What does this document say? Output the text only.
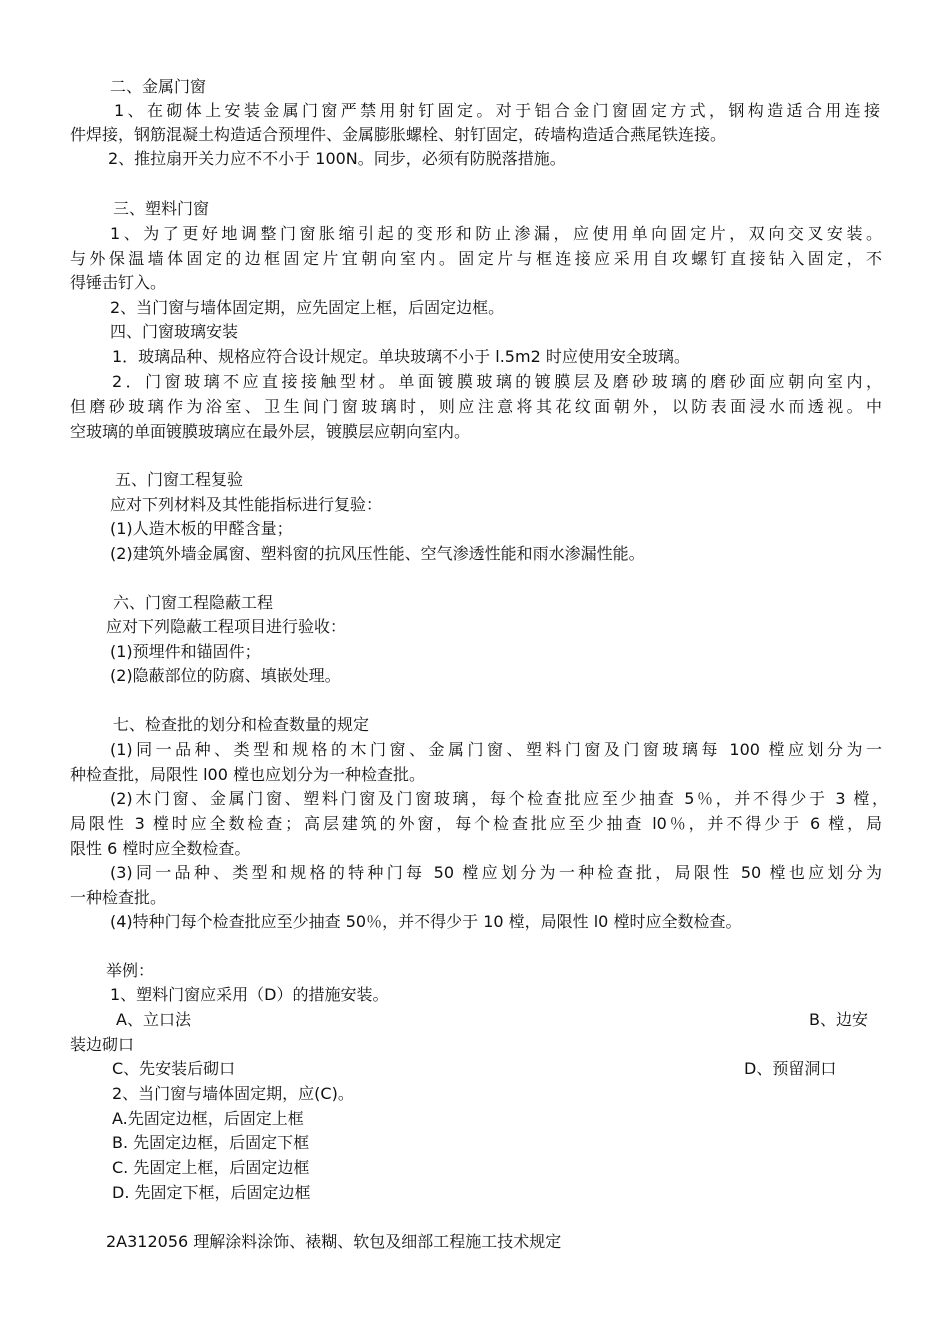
二、金属门窗
1、在砌体上安装金属门窗严禁用射钉固定。对于铝合金门窗固定方式，钢构造适合用连接
件焊接，钢筋混凝土构造适合预埋件、金属膨胀螺栓、射钉固定，砖墙构造适合燕尾铁连接。
2、推拉扇开关力应不不小于 100N。同步，必须有防脱落措施。
三、塑料门窗
1、为了更好地调整门窗胀缩引起的变形和防止渗漏，应使用单向固定片，双向交叉安装。
与外保温墙体固定的边框固定片宜朝向室内。固定片与框连接应采用自攻螺钉直接钻入固定，不
得锤击钉入。
2、当门窗与墙体固定期，应先固定上框，后固定边框。
四、门窗玻璃安装
1．玻璃品种、规格应符合设计规定。单块玻璃不小于 l.5m2 时应使用安全玻璃。
2．门窗玻璃不应直接接触型材。单面镀膜玻璃的镀膜层及磨砂玻璃的磨砂面应朝向室内，
但磨砂玻璃作为浴室、卫生间门窗玻璃时，则应注意将其花纹面朝外，以防表面浸水而透视。中
空玻璃的单面镀膜玻璃应在最外层，镀膜层应朝向室内。
五、门窗工程复验
应对下列材料及其性能指标进行复验：
(1)人造木板的甲醛含量；
(2)建筑外墙金属窗、塑料窗的抗风压性能、空气渗透性能和雨水渗漏性能。
六、门窗工程隐蔽工程
应对下列隐蔽工程项目进行验收：
(1)预埋件和锚固件；
(2)隐蔽部位的防腐、填嵌处理。
七、检查批的划分和检查数量的规定
(1)同一品种、类型和规格的木门窗、金属门窗、塑料门窗及门窗玻璃每 100 樘应划分为一
种检查批，局限性 l00 樘也应划分为一种检查批。
(2)木门窗、金属门窗、塑料门窗及门窗玻璃，每个检查批应至少抽查 5％，并不得少于 3 樘，
局限性 3 樘时应全数检查；高层建筑的外窗，每个检查批应至少抽查 l0％，并不得少于 6 樘，局
限性 6 樘时应全数检查。
(3)同一品种、类型和规格的特种门每 50 樘应划分为一种检查批，局限性 50 樘也应划分为
一种检查批。
(4)特种门每个检查批应至少抽查 50％，并不得少于 10 樘，局限性 l0 樘时应全数检查。
举例：
1、塑料门窗应采用（D）的措施安装。
A、立口法	B、边安
装边砌口
C、先安装后砌口	D、预留洞口
2、当门窗与墙体固定期，应(C)。
A.先固定边框，后固定上框
B. 先固定边框，后固定下框
C. 先固定上框，后固定边框
D. 先固定下框，后固定边框
2A312056 理解涂料涂饰、裱糊、软包及细部工程施工技术规定
